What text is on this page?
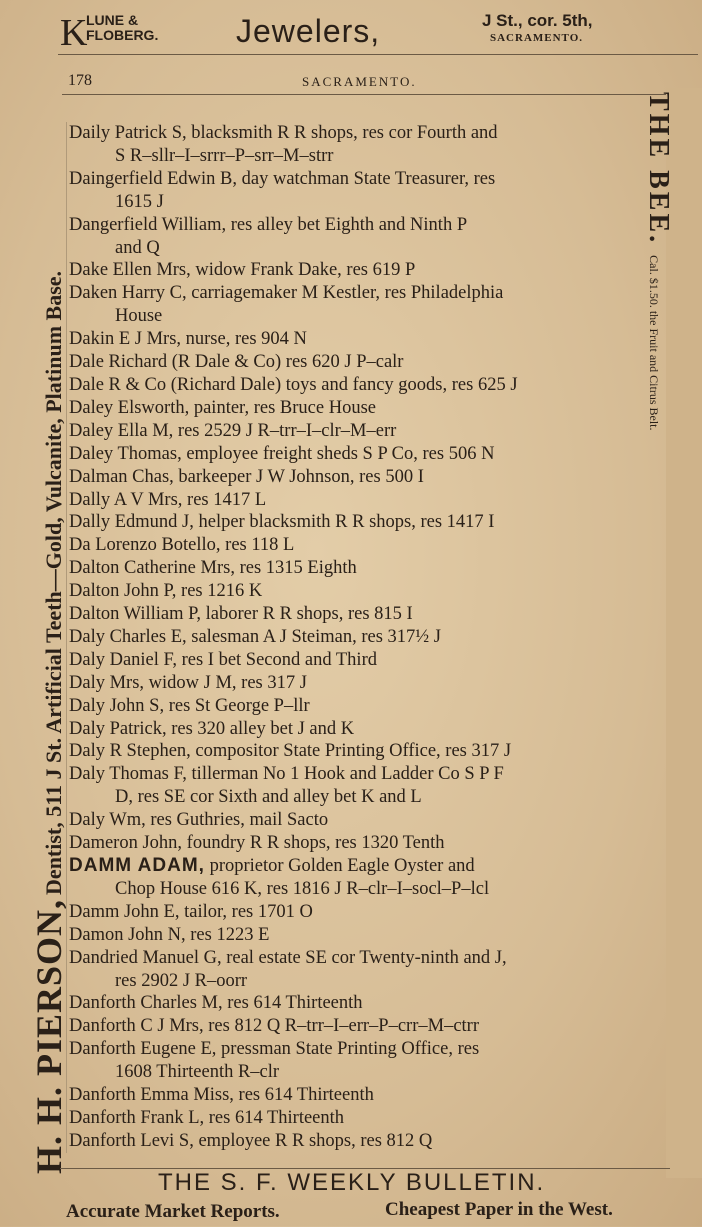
K
LUNE &
FLOBERG. Jewelers,	J St., cor. 5th,
SACRAMENTO.
178	SACRAMENTO.
H. H. PIERSON, Dentist, 511 J St. Artificial Teeth—Gold, Vulcanite, Platinum Base.
THE BEE. Cal. $1.50. the Fruit and Citrus Belt.
Daily Patrick S, blacksmith R R shops, res cor Fourth and
S R–sllr–I–srrr–P–srr–M–strr
Daingerfield Edwin B, day watchman State Treasurer, res
1615 J
Dangerfield William, res alley bet Eighth and Ninth P
and Q
Dake Ellen Mrs, widow Frank Dake, res 619 P
Daken Harry C, carriagemaker M Kestler, res Philadelphia
House
Dakin E J Mrs, nurse, res 904 N
Dale Richard (R Dale & Co) res 620 J P–calr
Dale R & Co (Richard Dale) toys and fancy goods, res 625 J
Daley Elsworth, painter, res Bruce House
Daley Ella M, res 2529 J R–trr–I–clr–M–err
Daley Thomas, employee freight sheds S P Co, res 506 N
Dalman Chas, barkeeper J W Johnson, res 500 I
Dally A V Mrs, res 1417 L
Dally Edmund J, helper blacksmith R R shops, res 1417 I
Da Lorenzo Botello, res 118 L
Dalton Catherine Mrs, res 1315 Eighth
Dalton John P, res 1216 K
Dalton William P, laborer R R shops, res 815 I
Daly Charles E, salesman A J Steiman, res 317½ J
Daly Daniel F, res I bet Second and Third
Daly Mrs, widow J M, res 317 J
Daly John S, res St George P–llr
Daly Patrick, res 320 alley bet J and K
Daly R Stephen, compositor State Printing Office, res 317 J
Daly Thomas F, tillerman No 1 Hook and Ladder Co S P F
D, res SE cor Sixth and alley bet K and L
Daly Wm, res Guthries, mail Sacto
Dameron John, foundry R R shops, res 1320 Tenth
DAMM ADAM, proprietor Golden Eagle Oyster and
Chop House 616 K, res 1816 J R–clr–I–socl–P–lcl
Damm John E, tailor, res 1701 O
Damon John N, res 1223 E
Dandried Manuel G, real estate SE cor Twenty-ninth and J,
res 2902 J R–oorr
Danforth Charles M, res 614 Thirteenth
Danforth C J Mrs, res 812 Q R–trr–I–err–P–crr–M–ctrr
Danforth Eugene E, pressman State Printing Office, res
1608 Thirteenth R–clr
Danforth Emma Miss, res 614 Thirteenth
Danforth Frank L, res 614 Thirteenth
Danforth Levi S, employee R R shops, res 812 Q
THE S. F. WEEKLY BULLETIN.
Accurate Market Reports.	Cheapest Paper in the West.
